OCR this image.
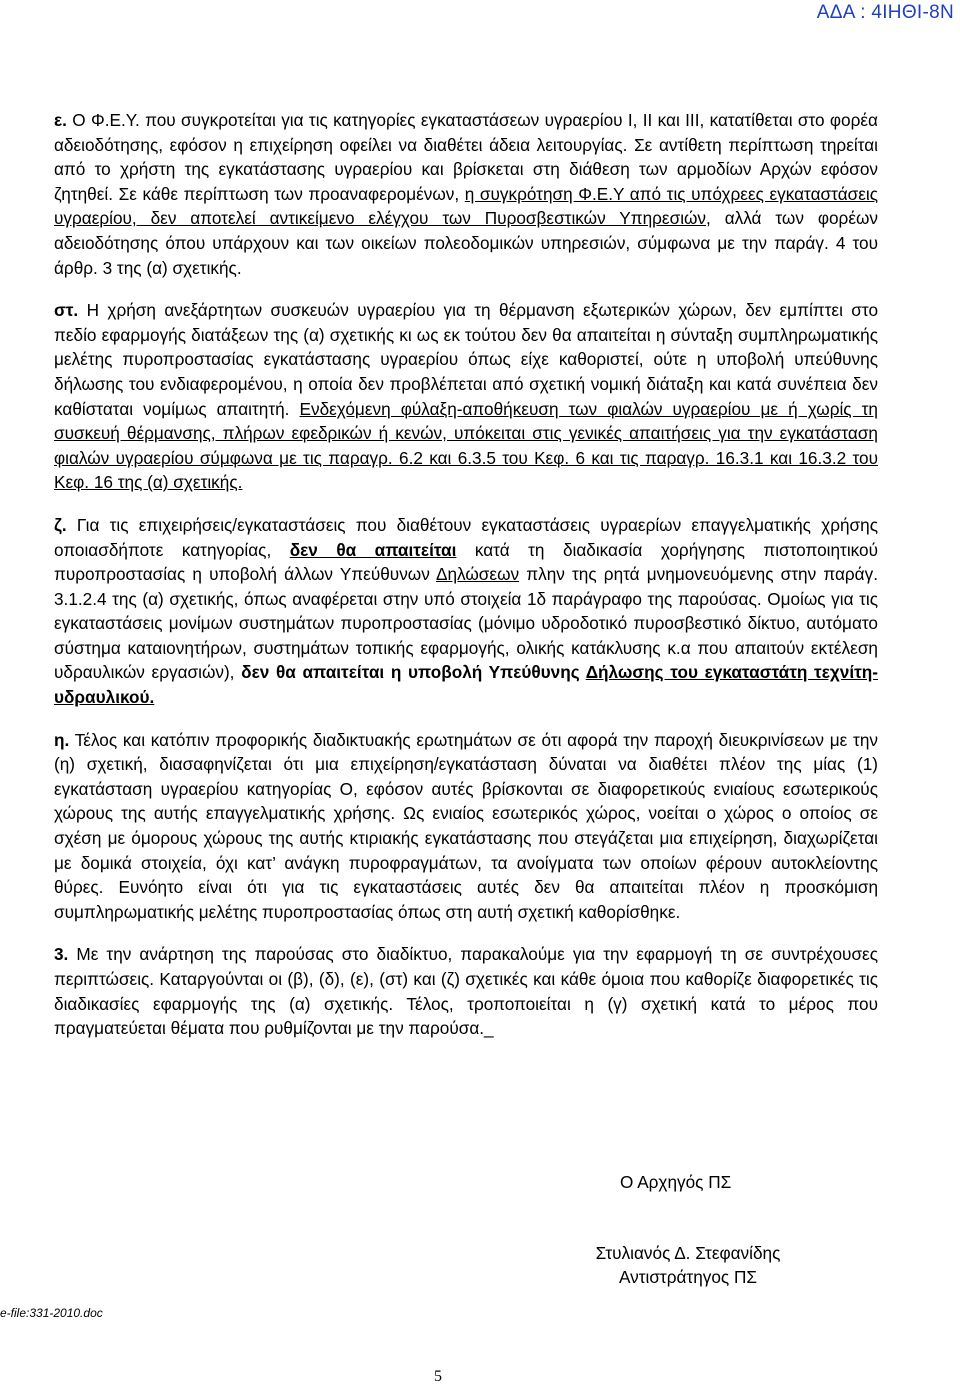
ΑΔΑ : 4ΙΗΘΙ-8Ν

ε. Ο Φ.Ε.Υ. που συγκροτείται για τις κατηγορίες εγκαταστάσεων υγραερίου Ι, ΙΙ και ΙΙΙ, κατατίθεται στο φορέα αδειοδότησης, εφόσον η επιχείρηση οφείλει να διαθέτει άδεια λειτουργίας. Σε αντίθετη περίπτωση τηρείται από το χρήστη της εγκατάστασης υγραερίου και βρίσκεται στη διάθεση των αρμοδίων Αρχών εφόσον ζητηθεί. Σε κάθε περίπτωση των προαναφερομένων, η συγκρότηση Φ.Ε.Υ από τις υπόχρεες εγκαταστάσεις υγραερίου, δεν αποτελεί αντικείμενο ελέγχου των Πυροσβεστικών Υπηρεσιών, αλλά των φορέων αδειοδότησης όπου υπάρχουν και των οικείων πολεοδομικών υπηρεσιών, σύμφωνα με την παράγ. 4 του άρθρ. 3 της (α) σχετικής.

στ. Η χρήση ανεξάρτητων συσκευών υγραερίου για τη θέρμανση εξωτερικών χώρων, δεν εμπίπτει στο πεδίο εφαρμογής διατάξεων της (α) σχετικής κι ως εκ τούτου δεν θα απαιτείται η σύνταξη συμπληρωματικής μελέτης πυροπροστασίας εγκατάστασης υγραερίου όπως είχε καθοριστεί, ούτε η υποβολή υπεύθυνης δήλωσης του ενδιαφερομένου, η οποία δεν προβλέπεται από σχετική νομική διάταξη και κατά συνέπεια δεν καθίσταται νομίμως απαιτητή. Ενδεχόμενη φύλαξη-αποθήκευση των φιαλών υγραερίου με ή χωρίς τη συσκευή θέρμανσης, πλήρων εφεδρικών ή κενών, υπόκειται στις γενικές απαιτήσεις για την εγκατάσταση φιαλών υγραερίου σύμφωνα με τις παραγρ. 6.2 και 6.3.5 του Κεφ. 6 και τις παραγρ. 16.3.1 και 16.3.2 του Κεφ. 16 της (α) σχετικής.

ζ. Για τις επιχειρήσεις/εγκαταστάσεις που διαθέτουν εγκαταστάσεις υγραερίων επαγγελματικής χρήσης οποιασδήποτε κατηγορίας, δεν θα απαιτείται κατά τη διαδικασία χορήγησης πιστοποιητικού πυροπροστασίας η υποβολή άλλων Υπεύθυνων Δηλώσεων πλην της ρητά μνημονευόμενης στην παράγ. 3.1.2.4 της (α) σχετικής, όπως αναφέρεται στην υπό στοιχεία 1δ παράγραφο της παρούσας. Ομοίως για τις εγκαταστάσεις μονίμων συστημάτων πυροπροστασίας (μόνιμο υδροδοτικό πυροσβεστικό δίκτυο, αυτόματο σύστημα καταιονητήρων, συστημάτων τοπικής εφαρμογής, ολικής κατάκλυσης κ.α που απαιτούν εκτέλεση υδραυλικών εργασιών), δεν θα απαιτείται η υποβολή Υπεύθυνης Δήλωσης του εγκαταστάτη τεχνίτη-υδραυλικού.

η. Τέλος και κατόπιν προφορικής διαδικτυακής ερωτημάτων σε ότι αφορά την παροχή διευκρινίσεων με την (η) σχετική, διασαφηνίζεται ότι μια επιχείρηση/εγκατάσταση δύναται να διαθέτει πλέον της μίας (1) εγκατάσταση υγραερίου κατηγορίας Ο, εφόσον αυτές βρίσκονται σε διαφορετικούς ενιαίους εσωτερικούς χώρους της αυτής επαγγελματικής χρήσης. Ως ενιαίος εσωτερικός χώρος, νοείται ο χώρος ο οποίος σε σχέση με όμορους χώρους της αυτής κτιριακής εγκατάστασης που στεγάζεται μια επιχείρηση, διαχωρίζεται με δομικά στοιχεία, όχι κατ’ ανάγκη πυροφραγμάτων, τα ανοίγματα των οποίων φέρουν αυτοκλείοντης θύρες. Ευνόητο είναι ότι για τις εγκαταστάσεις αυτές δεν θα απαιτείται πλέον η προσκόμιση συμπληρωματικής μελέτης πυροπροστασίας όπως στη αυτή σχετική καθορίσθηκε.

3. Με την ανάρτηση της παρούσας στο διαδίκτυο, παρακαλούμε για την εφαρμογή τη σε συντρέχουσες περιπτώσεις. Καταργούνται οι (β), (δ), (ε), (στ) και (ζ) σχετικές και κάθε όμοια που καθορίζε διαφορετικές τις διαδικασίες εφαρμογής της (α) σχετικής. Τέλος, τροποποιείται η (γ) σχετική κατά το μέρος που πραγματεύεται θέματα που ρυθμίζονται με την παρούσα._

Ο Αρχηγός ΠΣ
Στυλιανός Δ. Στεφανίδης
Αντιστράτηγος ΠΣ
e-file:331-2010.doc
5
